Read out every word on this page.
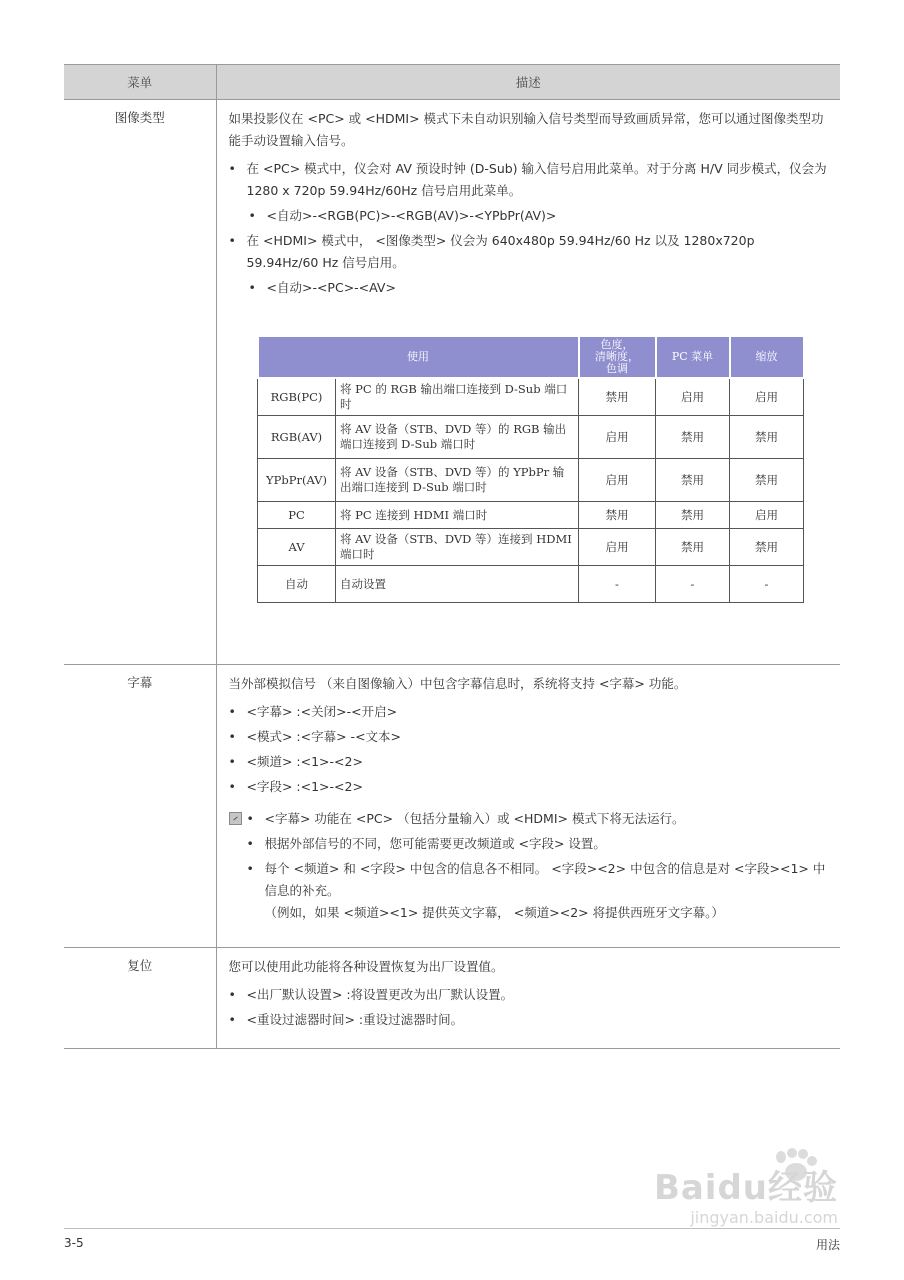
菜单	描述
图像类型	如果投影仪在 <PC> 或 <HDMI> 模式下未自动识别输入信号类型而导致画质异常，您可以通过图像类型功能手动设置输入信号。

• 在 <PC> 模式中，仪会对 AV 预设时钟 (D-Sub) 输入信号启用此菜单。对于分离 H/V 同步模式，仪会为 1280 x 720p 59.94Hz/60Hz 信号启用此菜单。
• <自动>-<RGB(PC)>-<RGB(AV)>-<YPbPr(AV)>
• 在 <HDMI> 模式中， <图像类型> 仪会为 640x480p 59.94Hz/60 Hz 以及 1280x720p 59.94Hz/60 Hz 信号启用。
• <自动>-<PC>-<AV>
使用	色度，
清晰度，
色调	PC 菜单	缩放
RGB(PC)	将 PC 的 RGB 输出端口连接到 D-Sub 端口时	禁用	启用	启用
RGB(AV)	将 AV 设备（STB、DVD 等）的 RGB 输出端口连接到 D-Sub 端口时	启用	禁用	禁用
YPbPr(AV)	将 AV 设备（STB、DVD 等）的 YPbPr 输出端口连接到 D-Sub 端口时	启用	禁用	禁用
PC	将 PC 连接到 HDMI 端口时	禁用	禁用	启用
AV	将 AV 设备（STB、DVD 等）连接到 HDMI 端口时	启用	禁用	禁用
自动	自动设置	-	-	-

字幕	当外部模拟信号 （来自图像输入）中包含字幕信息时，系统将支持 <字幕> 功能。

• <字幕> :<关闭>-<开启>
• <模式> :<字幕> -<文本>
• <频道> :<1>-<2>
• <字段> :<1>-<2>
• <字幕> 功能在 <PC> （包括分量输入）或 <HDMI> 模式下将无法运行。
• 根据外部信号的不同，您可能需要更改频道或 <字段> 设置。
• 每个 <频道> 和 <字段> 中包含的信息各不相同。 <字段><2> 中包含的信息是对 <字段><1> 中信息的补充。
（例如，如果 <频道><1> 提供英文字幕， <频道><2> 将提供西班牙文字幕。）

复位	您可以使用此功能将各种设置恢复为出厂设置值。

• <出厂默认设置> :将设置更改为出厂默认设置。
• <重设过滤器时间> :重设过滤器时间。
Baidu经验
jingyan.baidu.com
3-5	用法
